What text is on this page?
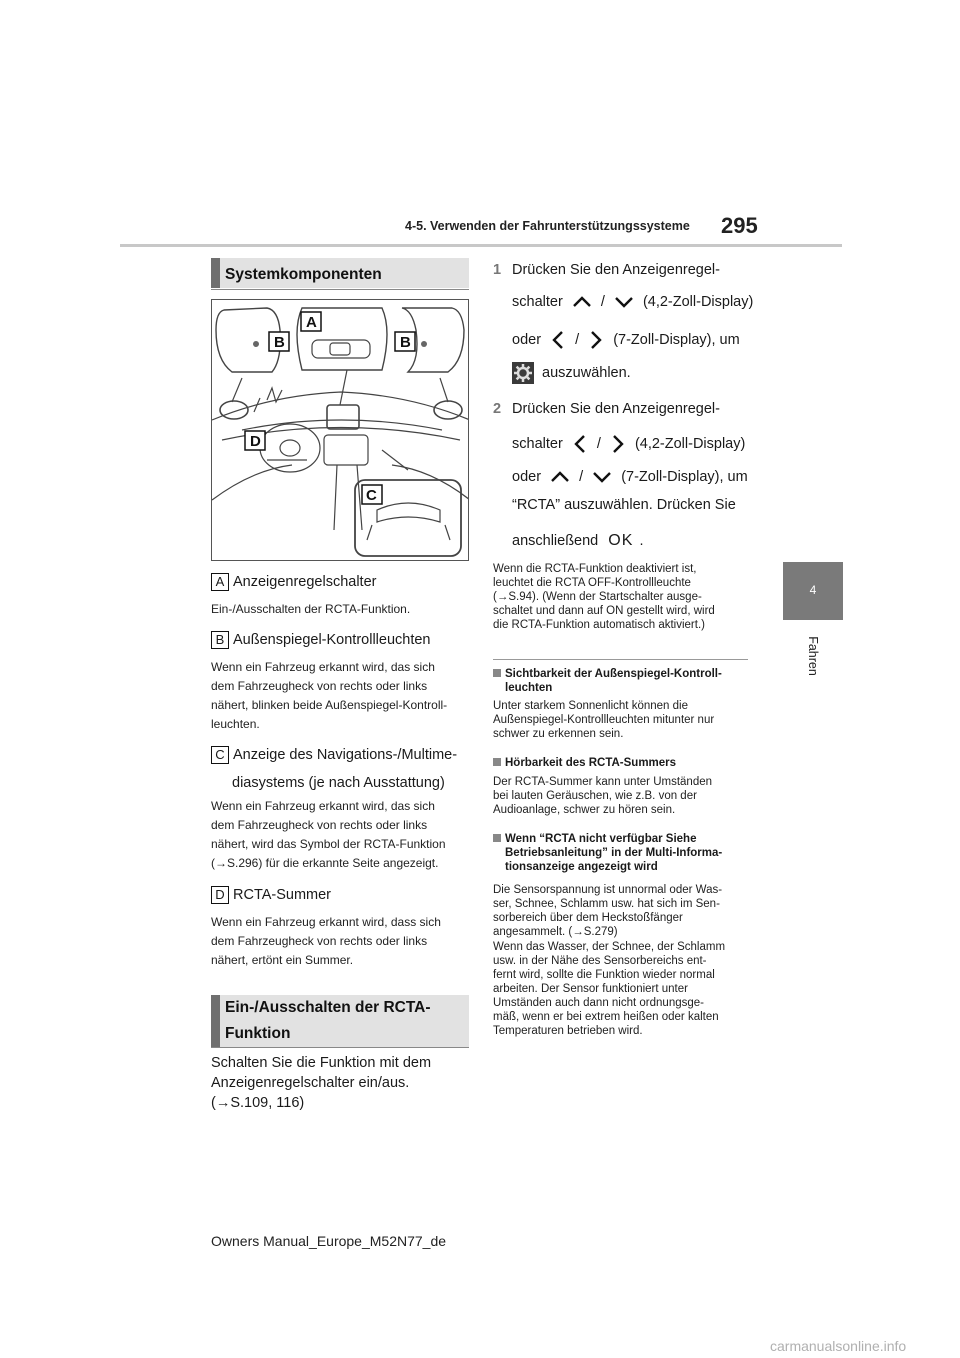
4-5. Verwenden der Fahrunterstützungssysteme 295
4
Fahren
Systemkomponenten
A
B	B
D
C
A Anzeigenregelschalter
Ein-/Ausschalten der RCTA-Funktion.
B Außenspiegel-Kontrollleuchten
Wenn ein Fahrzeug erkannt wird, das sich
dem Fahrzeugheck von rechts oder links
nähert, blinken beide Außenspiegel-Kontroll-
leuchten.
C Anzeige des Navigations-/Multime-
diasystems (je nach Ausstattung)
Wenn ein Fahrzeug erkannt wird, das sich
dem Fahrzeugheck von rechts oder links
nähert, wird das Symbol der RCTA-Funktion
(→S.296) für die erkannte Seite angezeigt.
D RCTA-Summer
Wenn ein Fahrzeug erkannt wird, dass sich
dem Fahrzeugheck von rechts oder links
nähert, ertönt ein Summer.
Ein-/Ausschalten der RCTA-
Funktion
Schalten Sie die Funktion mit dem
Anzeigenregelschalter ein/aus.
(→S.109, 116)
1 Drücken Sie den Anzeigenregel-
schalter	/	(4,2-Zoll-Display)
oder  /  (7-Zoll-Display), um
auszuwählen.
2 Drücken Sie den Anzeigenregel-
schalter / (4,2-Zoll-Display)
oder  /  (7-Zoll-Display), um
“RCTA” auszuwählen. Drücken Sie
anschließend OK .
Wenn die RCTA-Funktion deaktiviert ist,
leuchtet die RCTA OFF-Kontrollleuchte
(→S.94). (Wenn der Startschalter ausge-
schaltet und dann auf ON gestellt wird, wird
die RCTA-Funktion automatisch aktiviert.)
Sichtbarkeit der Außenspiegel-Kontroll-
leuchten
Unter starkem Sonnenlicht können die
Außenspiegel-Kontrollleuchten mitunter nur
schwer zu erkennen sein.
Hörbarkeit des RCTA-Summers
Der RCTA-Summer kann unter Umständen
bei lauten Geräuschen, wie z.B. von der
Audioanlage, schwer zu hören sein.
Wenn “RCTA nicht verfügbar Siehe
Betriebsanleitung” in der Multi-Informa-
tionsanzeige angezeigt wird
Die Sensorspannung ist unnormal oder Was-
ser, Schnee, Schlamm usw. hat sich im Sen-
sorbereich über dem Heckstoßfänger
angesammelt. (→S.279)
Wenn das Wasser, der Schnee, der Schlamm
usw. in der Nähe des Sensorbereichs ent-
fernt wird, sollte die Funktion wieder normal
arbeiten. Der Sensor funktioniert unter
Umständen auch dann nicht ordnungsge-
mäß, wenn er bei extrem heißen oder kalten
Temperaturen betrieben wird.
Owners Manual_Europe_M52N77_de
carmanualsonline.info
